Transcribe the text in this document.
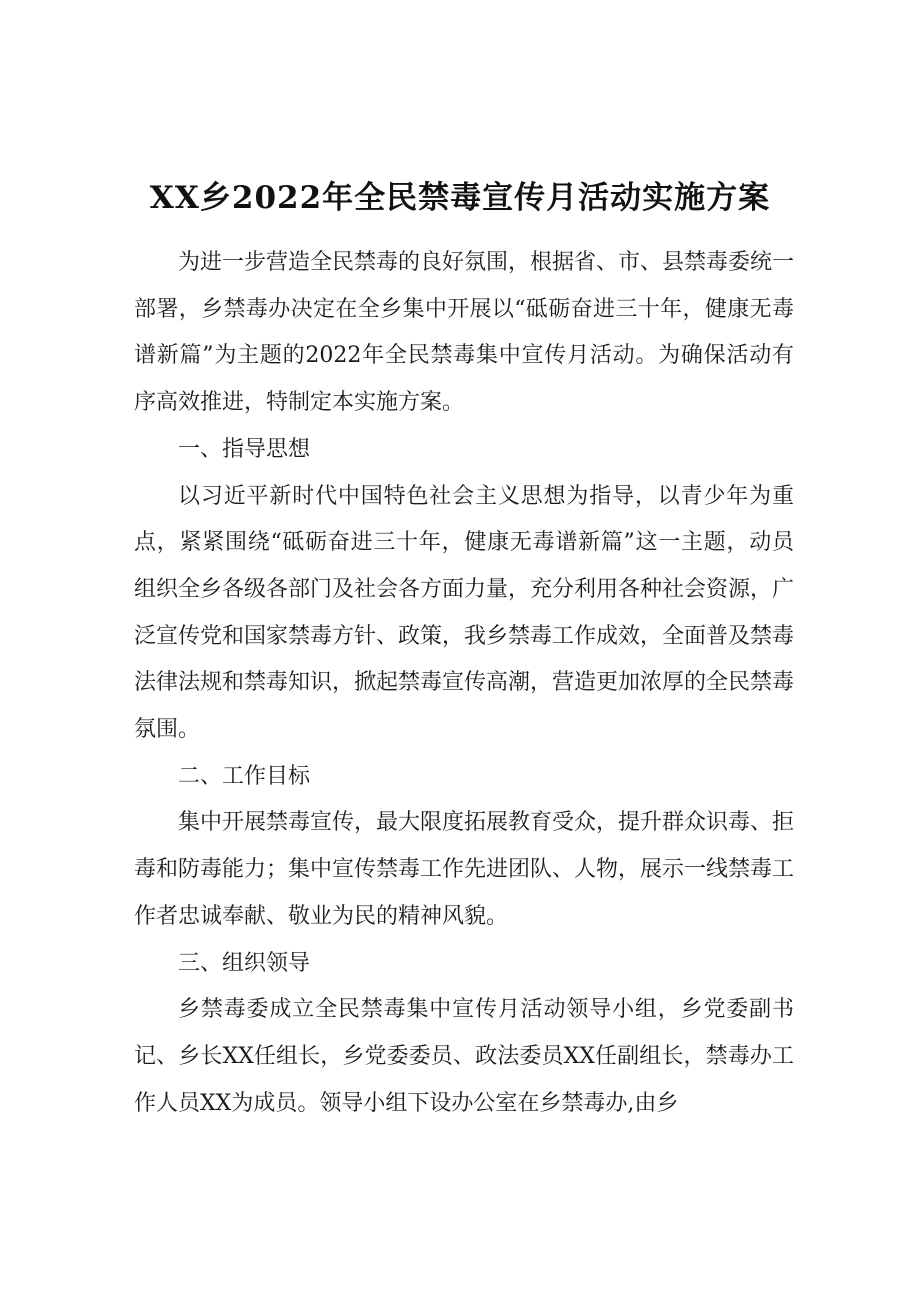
XX乡2022年全民禁毒宣传月活动实施方案

为进一步营造全民禁毒的良好氛围，根据省、市、县禁毒委统一部署，乡禁毒办决定在全乡集中开展以“砥砺奋进三十年，健康无毒谱新篇”为主题的2022年全民禁毒集中宣传月活动。为确保活动有序高效推进，特制定本实施方案。

一、指导思想

以习近平新时代中国特色社会主义思想为指导，以青少年为重点，紧紧围绕“砥砺奋进三十年，健康无毒谱新篇”这一主题，动员组织全乡各级各部门及社会各方面力量，充分利用各种社会资源，广泛宣传党和国家禁毒方针、政策，我乡禁毒工作成效，全面普及禁毒法律法规和禁毒知识，掀起禁毒宣传高潮，营造更加浓厚的全民禁毒氛围。

二、工作目标

集中开展禁毒宣传，最大限度拓展教育受众，提升群众识毒、拒毒和防毒能力；集中宣传禁毒工作先进团队、人物，展示一线禁毒工作者忠诚奉献、敬业为民的精神风貌。

三、组织领导

乡禁毒委成立全民禁毒集中宣传月活动领导小组，乡党委副书记、乡长XX任组长，乡党委委员、政法委员XX任副组长，禁毒办工作人员XX为成员。领导小组下设办公室在乡禁毒办,由乡
